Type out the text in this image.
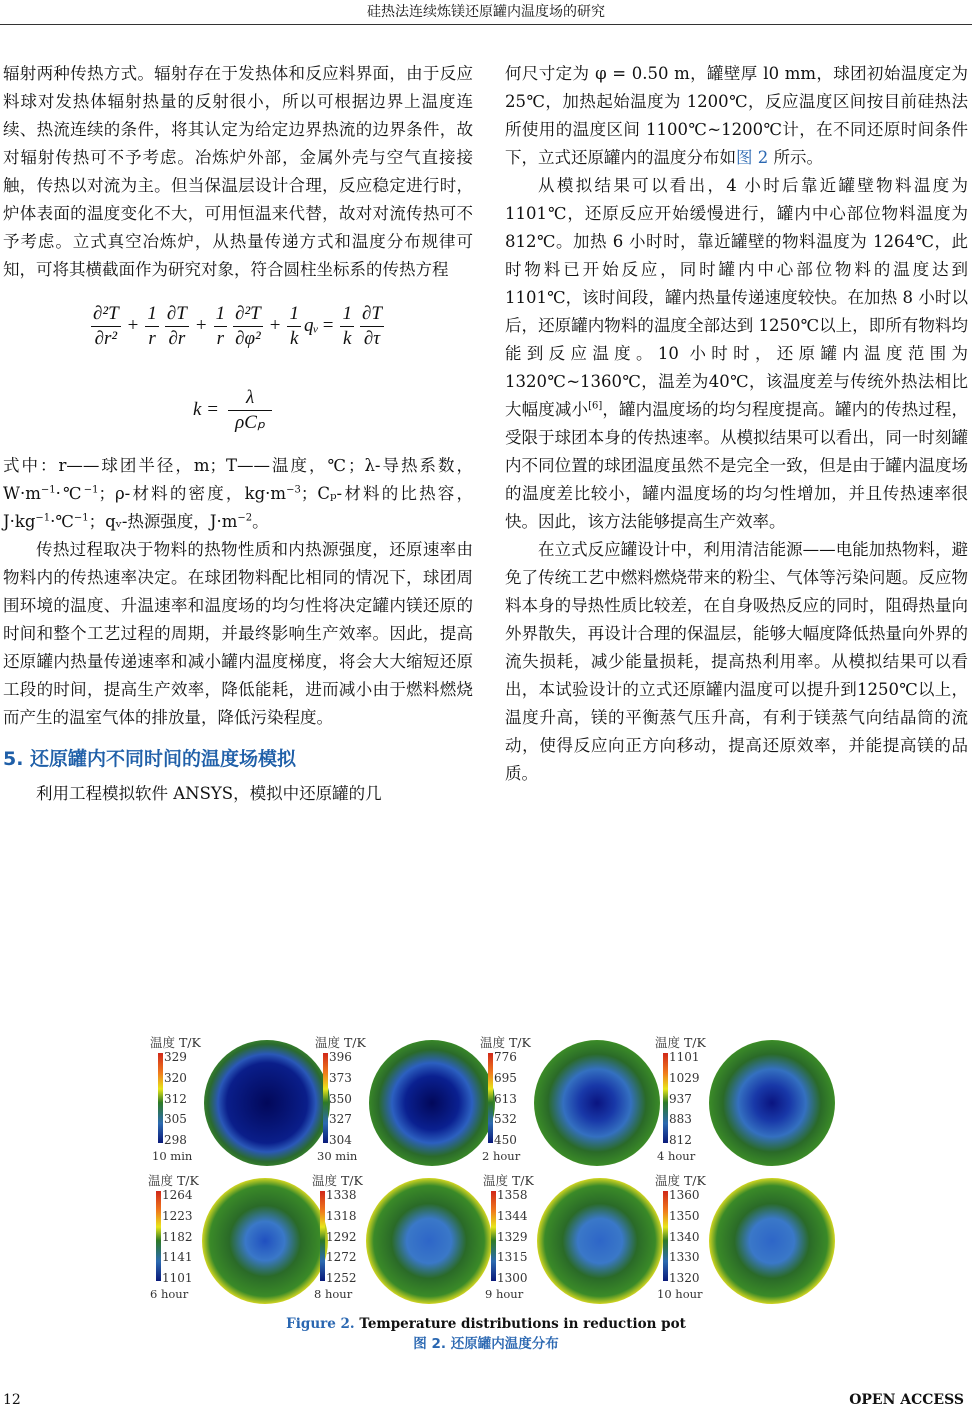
硅热法连续炼镁还原罐内温度场的研究

辐射两种传热方式。辐射存在于发热体和反应料界面，由于反应料球对发热体辐射热量的反射很小，所以可根据边界上温度连续、热流连续的条件，将其认定为给定边界热流的边界条件，故对辐射传热可不予考虑。冶炼炉外部，金属外壳与空气直接接触，传热以对流为主。但当保温层设计合理，反应稳定进行时，炉体表面的温度变化不大，可用恒温来代替，故对对流传热可不予考虑。立式真空冶炼炉，从热量传递方式和温度分布规律可知，可将其横截面作为研究对象，符合圆柱坐标系的传热方程

$\frac{\text{∂²T}}{\text{∂r²}} + \frac{1}{r} \frac{\partial T}{\partial r} + \frac{1}{r} \frac{\text{∂²T}}{\text{∂φ²}} + \frac{1}{k}$ qᵥ = $\frac{1}{k} \frac{\partial T}{\partial\tau}$
$k = \frac{\lambda}{\text{ρCₚ}}$

式中：r——球团半径，m；T——温度，℃；λ-导热系数，$W\cdot m^{-1}\cdot℃^{-1}$；ρ-材料的密度，$kg\cdot m^{-3}$；Cₚ-材料的比热容，$J\cdot kg^{-1}\cdot℃^{-1}$；qᵥ-热源强度，$J\cdot m^{-2}$。

传热过程取决于物料的热物性质和内热源强度，还原速率由物料内的传热速率决定。在球团物料配比相同的情况下，球团周围环境的温度、升温速率和温度场的均匀性将决定罐内镁还原的时间和整个工艺过程的周期，并最终影响生产效率。因此，提高还原罐内热量传递速率和减小罐内温度梯度，将会大大缩短还原工段的时间，提高生产效率，降低能耗，进而减小由于燃料燃烧而产生的温室气体的排放量，降低污染程度。

5. 还原罐内不同时间的温度场模拟

利用工程模拟软件 ANSYS，模拟中还原罐的几

何尺寸定为 φ = 0.50 m，罐壁厚 l0 mm，球团初始温度定为 25℃，加热起始温度为 1200℃，反应温度区间按目前硅热法所使用的温度区间 1100℃~1200℃计，在不同还原时间条件下，立式还原罐内的温度分布如图 2 所示。

从模拟结果可以看出，4 小时后靠近罐壁物料温度为 1101℃，还原反应开始缓慢进行，罐内中心部位物料温度为 812℃。加热 6 小时时，靠近罐壁的物料温度为 1264℃，此时物料已开始反应，同时罐内中心部位物料的温度达到 1101℃，该时间段，罐内热量传递速度较快。在加热 8 小时以后，还原罐内物料的温度全部达到 1250℃以上，即所有物料均能到反应温度。10 小时时，还原罐内温度范围为 1320℃~1360℃，温差为40℃，该温度差与传统外热法相比大幅度减小[6]，罐内温度场的均匀程度提高。罐内的传热过程，受限于球团本身的传热速率。从模拟结果可以看出，同一时刻罐内不同位置的球团温度虽然不是完全一致，但是由于罐内温度场的温度差比较小，罐内温度场的均匀性增加，并且传热速率很快。因此，该方法能够提高生产效率。

在立式反应罐设计中，利用清洁能源——电能加热物料，避免了传统工艺中燃料燃烧带来的粉尘、气体等污染问题。反应物料本身的导热性质比较差，在自身吸热反应的同时，阻碍热量向外界散失，再设计合理的保温层，能够大幅度降低热量向外界的流失损耗，减少能量损耗，提高热利用率。从模拟结果可以看出，本试验设计的立式还原罐内温度可以提升到1250℃以上，温度升高，镁的平衡蒸气压升高，有利于镁蒸气向结晶筒的流动，使得反应向正方向移动，提高还原效率，并能提高镁的品质。

温度 T/K
329
320
312
305
298
10 min
温度 T/K
396
373
350
327
304
30 min
温度 T/K
776
695
613
532
450
2 hour
温度 T/K
1101
1029
937
883
812
4 hour
温度 T/K
1264
1223
1182
1141
1101
6 hour
温度 T/K
1338
1318
1292
1272
1252
8 hour
温度 T/K
1358
1344
1329
1315
1300
9 hour
温度 T/K
1360
1350
1340
1330
1320
10 hour
Figure 2. Temperature distributions in reduction pot
图 2. 还原罐内温度分布
12	OPEN ACCESS
